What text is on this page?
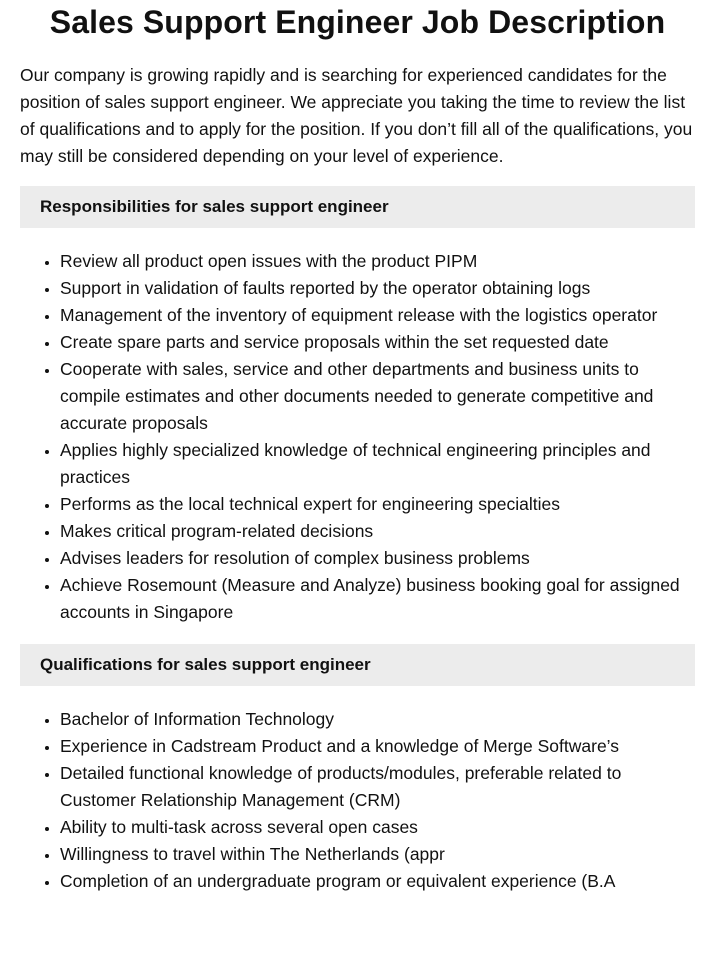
Sales Support Engineer Job Description

Our company is growing rapidly and is searching for experienced candidates for the position of sales support engineer. We appreciate you taking the time to review the list of qualifications and to apply for the position. If you don’t fill all of the qualifications, you may still be considered depending on your level of experience.

Responsibilities for sales support engineer
• Review all product open issues with the product PIPM
• Support in validation of faults reported by the operator obtaining logs
• Management of the inventory of equipment release with the logistics operator
• Create spare parts and service proposals within the set requested date
• Cooperate with sales, service and other departments and business units to compile estimates and other documents needed to generate competitive and accurate proposals
• Applies highly specialized knowledge of technical engineering principles and practices
• Performs as the local technical expert for engineering specialties
• Makes critical program-related decisions
• Advises leaders for resolution of complex business problems
• Achieve Rosemount (Measure and Analyze) business booking goal for assigned accounts in Singapore
Qualifications for sales support engineer
• Bachelor of Information Technology
• Experience in Cadstream Product and a knowledge of Merge Software’s
• Detailed functional knowledge of products/modules, preferable related to Customer Relationship Management (CRM)
• Ability to multi-task across several open cases
• Willingness to travel within The Netherlands (appr
• Completion of an undergraduate program or equivalent experience (B.A
